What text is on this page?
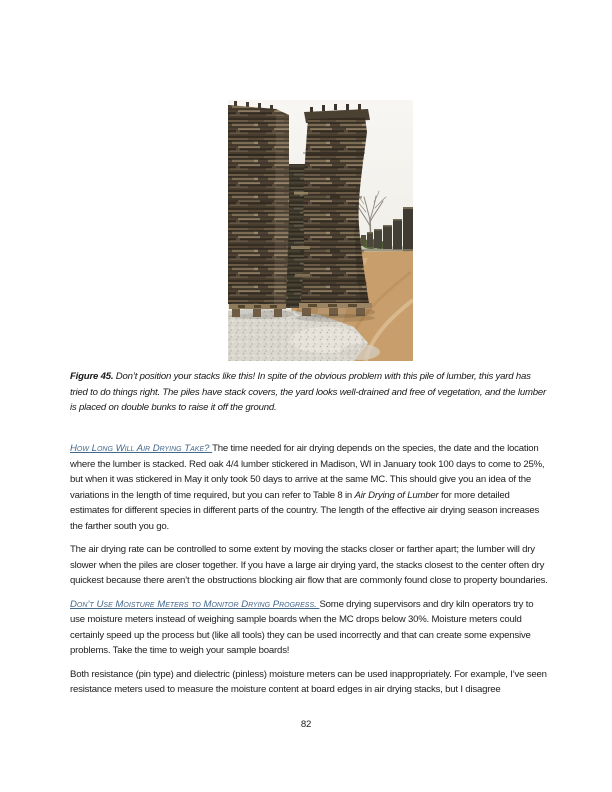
Figure 45. Don’t position your stacks like this! In spite of the obvious problem with this pile of lumber, this yard has tried to do things right. The piles have stack covers, the yard looks well-drained and free of vegetation, and the lumber is placed on double bunks to raise it off the ground.

How Long Will Air Drying Take? The time needed for air drying depends on the species, the date and the location where the lumber is stacked. Red oak 4/4 lumber stickered in Madison, WI in January took 100 days to come to 25%, but when it was stickered in May it only took 50 days to arrive at the same MC. This should give you an idea of the variations in the length of time required, but you can refer to Table 8 in Air Drying of Lumber for more detailed estimates for different species in different parts of the country. The length of the effective air drying season increases the farther south you go.

The air drying rate can be controlled to some extent by moving the stacks closer or farther apart; the lumber will dry slower when the piles are closer together. If you have a large air drying yard, the stacks closest to the center often dry quickest because there aren’t the obstructions blocking air flow that are commonly found close to property boundaries.

Don’t Use Moisture Meters to Monitor Drying Progress. Some drying supervisors and dry kiln operators try to use moisture meters instead of weighing sample boards when the MC drops below 30%. Moisture meters could certainly speed up the process but (like all tools) they can be used incorrectly and that can create some expensive problems. Take the time to weigh your sample boards!

Both resistance (pin type) and dielectric (pinless) moisture meters can be used inappropriately. For example, I’ve seen resistance meters used to measure the moisture content at board edges in air drying stacks, but I disagree

82
